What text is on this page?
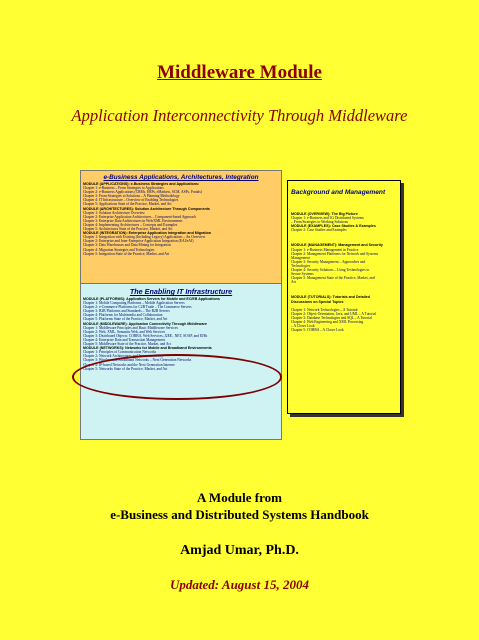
Middleware Module
Application Interconnectivity Through Middleware
e-Business Applications, Architectures, Integration
MODULE (APPLICATIONS): e-Business Strategies and Applications:
Chapter 1: e-Business – From Strategies to Applications
Chapter 2: e-Business Applications (CRMs, ERPs, eMarkets, SCM, ASPs, Portals)
Chapter 3: From Strategies to Solutions – A Planning Methodology
Chapter 4: IT Infrastructure – Overview of Enabling Technologies
Chapter 5: Applications State of the Practice, Market, and Art
MODULE (ARCHITECTURES): Solution Architecture Through Components
Chapter 1: Solution Architecture Overview
Chapter 2: Enterprise Application Architectures – Component-based Approach
Chapter 3: Enterprise Data Architectures in Web/XML Environments
Chapter 4: Implementing Architectures – Concepts and Examples
Chapter 5: Architectures State of the Practice, Market, and Art
MODULE (INTEGRATION): Enterprise Application Integration and Migration
Chapter 1: Integration with Existing (Including Legacy) Applications – An Overview
Chapter 2: Enterprise and Inter-Enterprise Application Integration (EAI/eAI)
Chapter 3: Data Warehouses and Data Mining for Integration
Chapter 4: Migration Strategies and Technologies
Chapter 5: Integration State of the Practice, Market, and Art
The Enabling IT Infrastructure
MODULE (PLATFORMS): Application Servers for Mobile and EC/EB Applications
Chapter 1: Mobile Computing Platforms – Mobile Application Servers
Chapter 2: e-Commerce Platforms for C2B Trade – The Commerce Servers
Chapter 3: B2B Platforms and Standards – The B2B Servers
Chapter 4: Platforms for Multimedia and Collaboration
Chapter 5: Platforms State of the Practice, Market, and Art
MODULE (MIDDLEWARE): Application Connectivity Through Middleware
Chapter 1: Middleware Principles and Basic Middleware Services
Chapter 2: Web, XML, Semantic Web, and Web Services
Chapter 3: Distributed Objects: CORBA, Web Services, J2EE, .NET, SOAP, and EJBs
Chapter 4: Enterprise Data and Transaction Management
Chapter 5: Middleware State of the Practice, Market, and Art
MODULE (NETWORKS): Networks for Mobile and Broadband Environments
Chapter 1: Principles of Communication Networks
Chapter 2: Network Architectures and Interconnectivity
Chapter 3: Wireless and Broadband Networks – Next Generation Networks
Chapter 4: IP-based Networks and the Next Generation Internet
Chapter 5: Networks State of the Practice, Market, and Art
Background and Management
MODULE (OVERVIEW): The Big Picture
Chapter 1: e-Business and 3G Distributed Systems
– From Strategies to Working Solutions
MODULE (EXAMPLES): Case Studies & Examples
Chapter 2: Case Studies and Examples
MODULE (MANAGEMENT): Management and Security
Chapter 1: e-Business Management in Practice
Chapter 2: Management Platforms for Network and Systems
Management
Chapter 3: Security Management – Approaches and
Technologies
Chapter 4: Security Solutions – Using Technologies to
Secure Systems
Chapter 5: Management State of the Practice, Market, and
Art
MODULE (TUTORIALS): Tutorials and Detailed
Discussions on Special Topics

Chapter 1: Network Technologies – A Tutorial
Chapter 2: Object-Orientation, Java, and UML – A Tutorial
Chapter 3: Database Technologies and SQL – A Tutorial
Chapter 4: Web Engineering and XML Processing
– A Closer Look
Chapter 5: CORBA – A Closer Look
A Module from
e-Business and Distributed Systems Handbook
Amjad Umar, Ph.D.
Updated: August 15, 2004
